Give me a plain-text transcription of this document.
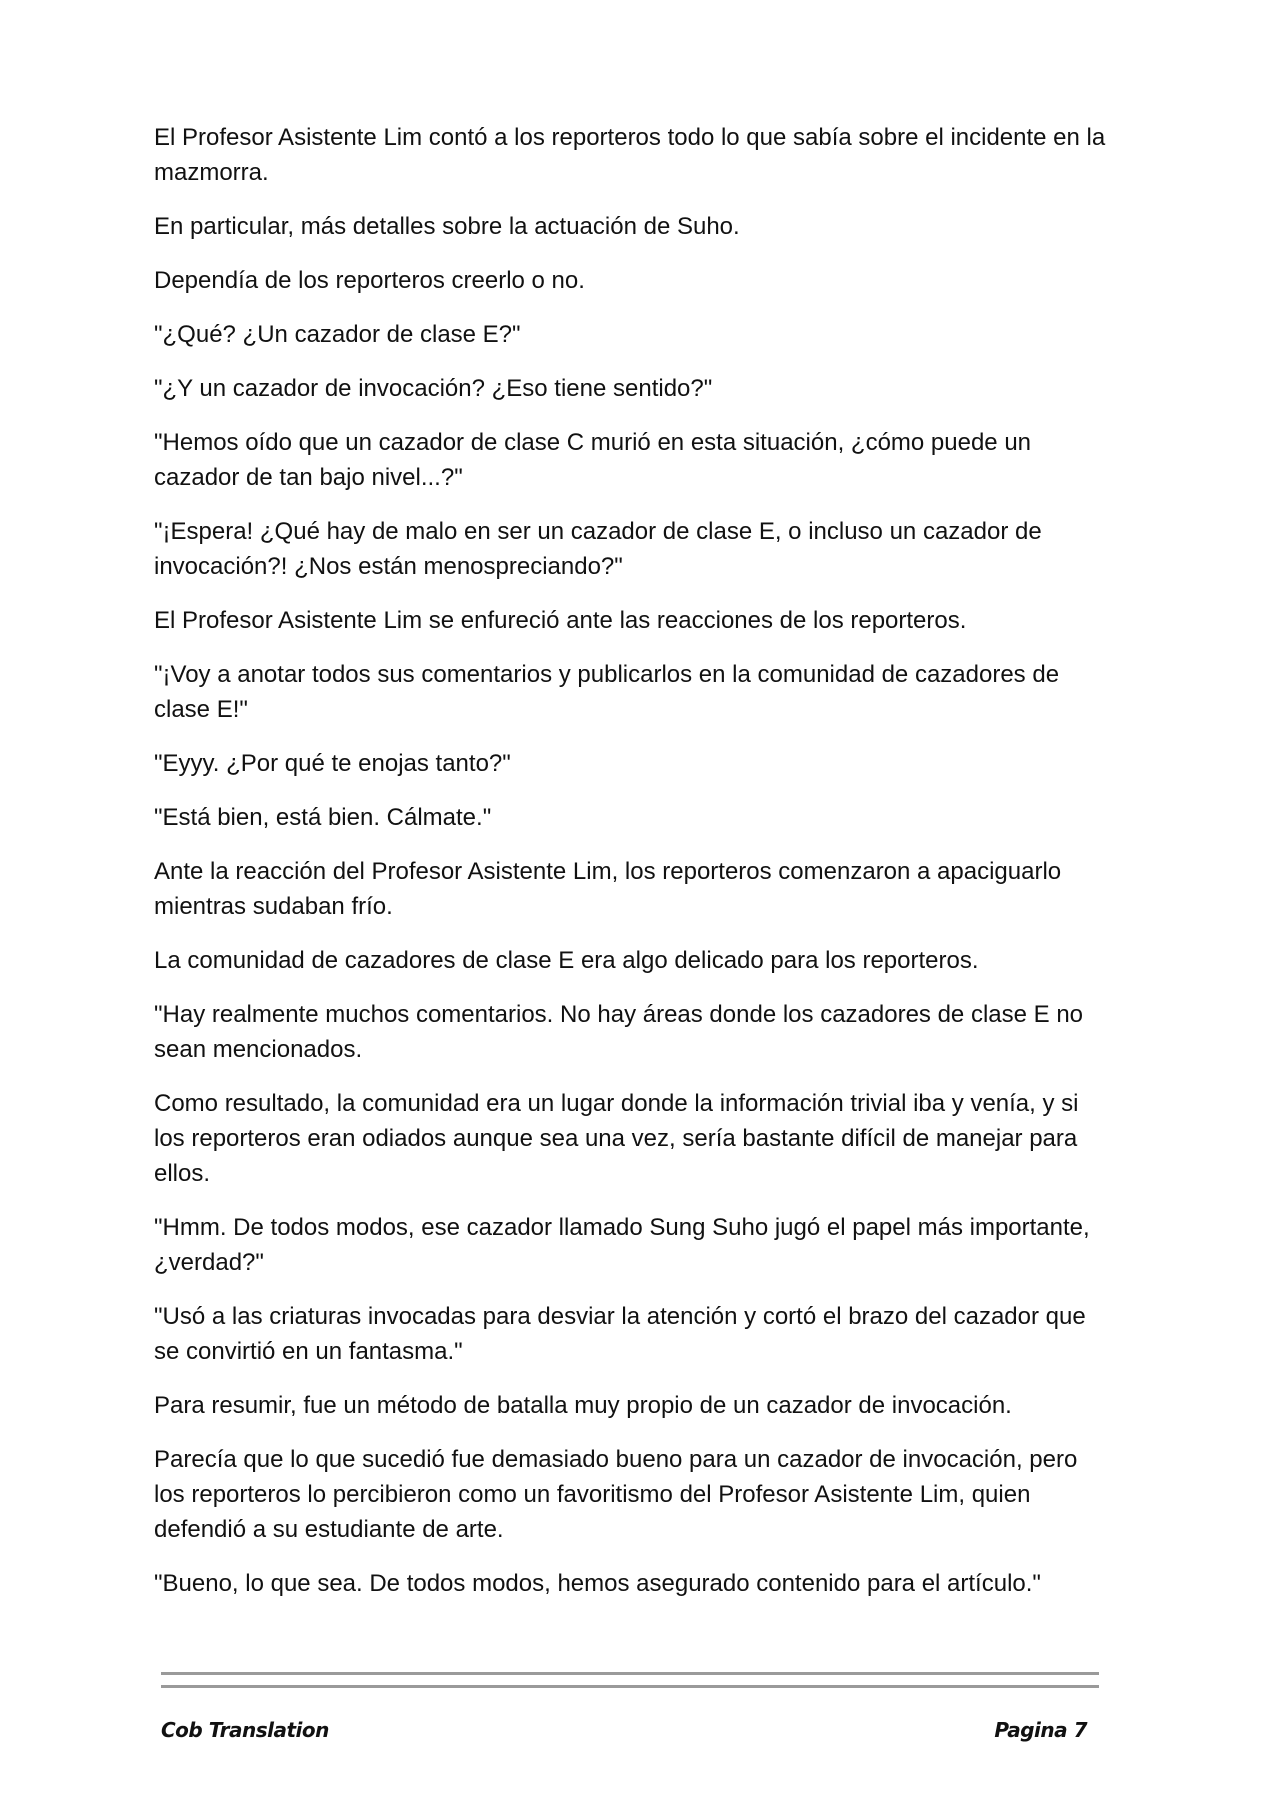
El Profesor Asistente Lim contó a los reporteros todo lo que sabía sobre el incidente en la mazmorra.

En particular, más detalles sobre la actuación de Suho.

Dependía de los reporteros creerlo o no.

"¿Qué? ¿Un cazador de clase E?"

"¿Y un cazador de invocación? ¿Eso tiene sentido?"

"Hemos oído que un cazador de clase C murió en esta situación, ¿cómo puede un cazador de tan bajo nivel...?"

"¡Espera! ¿Qué hay de malo en ser un cazador de clase E, o incluso un cazador de invocación?! ¿Nos están menospreciando?"

El Profesor Asistente Lim se enfureció ante las reacciones de los reporteros.

"¡Voy a anotar todos sus comentarios y publicarlos en la comunidad de cazadores de clase E!"

"Eyyy. ¿Por qué te enojas tanto?"

"Está bien, está bien. Cálmate."

Ante la reacción del Profesor Asistente Lim, los reporteros comenzaron a apaciguarlo mientras sudaban frío.

La comunidad de cazadores de clase E era algo delicado para los reporteros.

"Hay realmente muchos comentarios. No hay áreas donde los cazadores de clase E no sean mencionados.

Como resultado, la comunidad era un lugar donde la información trivial iba y venía, y si los reporteros eran odiados aunque sea una vez, sería bastante difícil de manejar para ellos.

"Hmm. De todos modos, ese cazador llamado Sung Suho jugó el papel más importante, ¿verdad?"

"Usó a las criaturas invocadas para desviar la atención y cortó el brazo del cazador que se convirtió en un fantasma."

Para resumir, fue un método de batalla muy propio de un cazador de invocación.

Parecía que lo que sucedió fue demasiado bueno para un cazador de invocación, pero los reporteros lo percibieron como un favoritismo del Profesor Asistente Lim, quien defendió a su estudiante de arte.

"Bueno, lo que sea. De todos modos, hemos asegurado contenido para el artículo."

Cob Translation	Pagina 7
